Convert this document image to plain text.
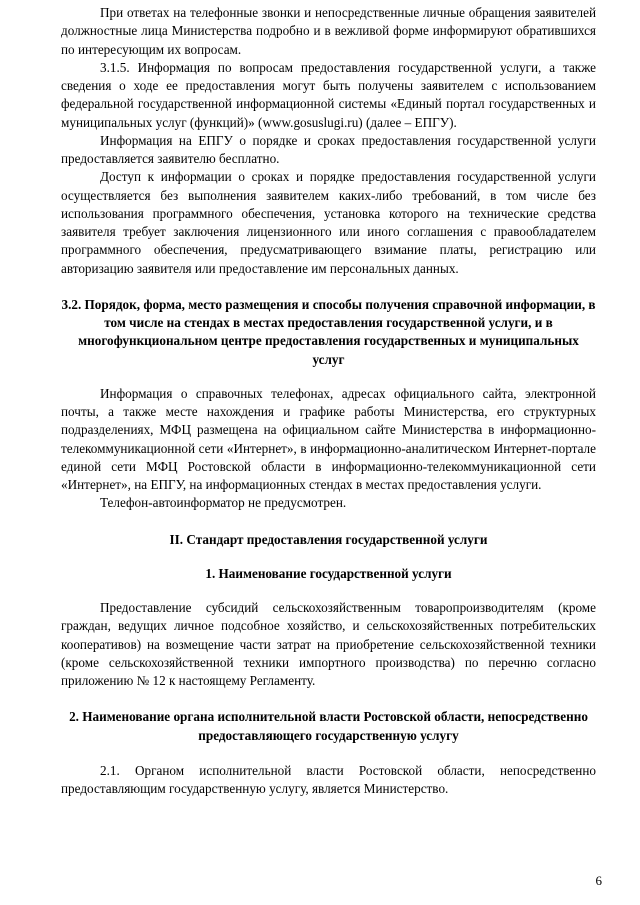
При ответах на телефонные звонки и непосредственные личные обращения заявителей должностные лица Министерства подробно и в вежливой форме информируют обратившихся по интересующим их вопросам.

3.1.5. Информация по вопросам предоставления государственной услуги, а также сведения о ходе ее предоставления могут быть получены заявителем с использованием федеральной государственной информационной системы «Единый портал государственных и муниципальных услуг (функций)» (www.gosuslugi.ru) (далее – ЕПГУ).

Информация на ЕПГУ о порядке и сроках предоставления государственной услуги предоставляется заявителю бесплатно.

Доступ к информации о сроках и порядке предоставления государственной услуги осуществляется без выполнения заявителем каких-либо требований, в том числе без использования программного обеспечения, установка которого на технические средства заявителя требует заключения лицензионного или иного соглашения с правообладателем программного обеспечения, предусматривающего взимание платы, регистрацию или авторизацию заявителя или предоставление им персональных данных.

3.2. Порядок, форма, место размещения и способы получения справочной информации, в том числе на стендах в местах предоставления государственной услуги, и в многофункциональном центре предоставления государственных и муниципальных услуг

Информация о справочных телефонах, адресах официального сайта, электронной почты, а также месте нахождения и графике работы Министерства, его структурных подразделениях, МФЦ размещена на официальном сайте Министерства в информационно-телекоммуникационной сети «Интернет», в информационно-аналитическом Интернет-портале единой сети МФЦ Ростовской области в информационно-телекоммуникационной сети «Интернет», на ЕПГУ, на информационных стендах в местах предоставления услуги.

Телефон-автоинформатор не предусмотрен.

II. Стандарт предоставления государственной услуги

1. Наименование государственной услуги

Предоставление субсидий сельскохозяйственным товаропроизводителям (кроме граждан, ведущих личное подсобное хозяйство, и сельскохозяйственных потребительских кооперативов) на возмещение части затрат на приобретение сельскохозяйственной техники (кроме сельскохозяйственной техники импортного производства) по перечню согласно приложению № 12 к настоящему Регламенту.

2. Наименование органа исполнительной власти Ростовской области, непосредственно предоставляющего государственную услугу

2.1. Органом исполнительной власти Ростовской области, непосредственно предоставляющим государственную услугу, является Министерство.

6
